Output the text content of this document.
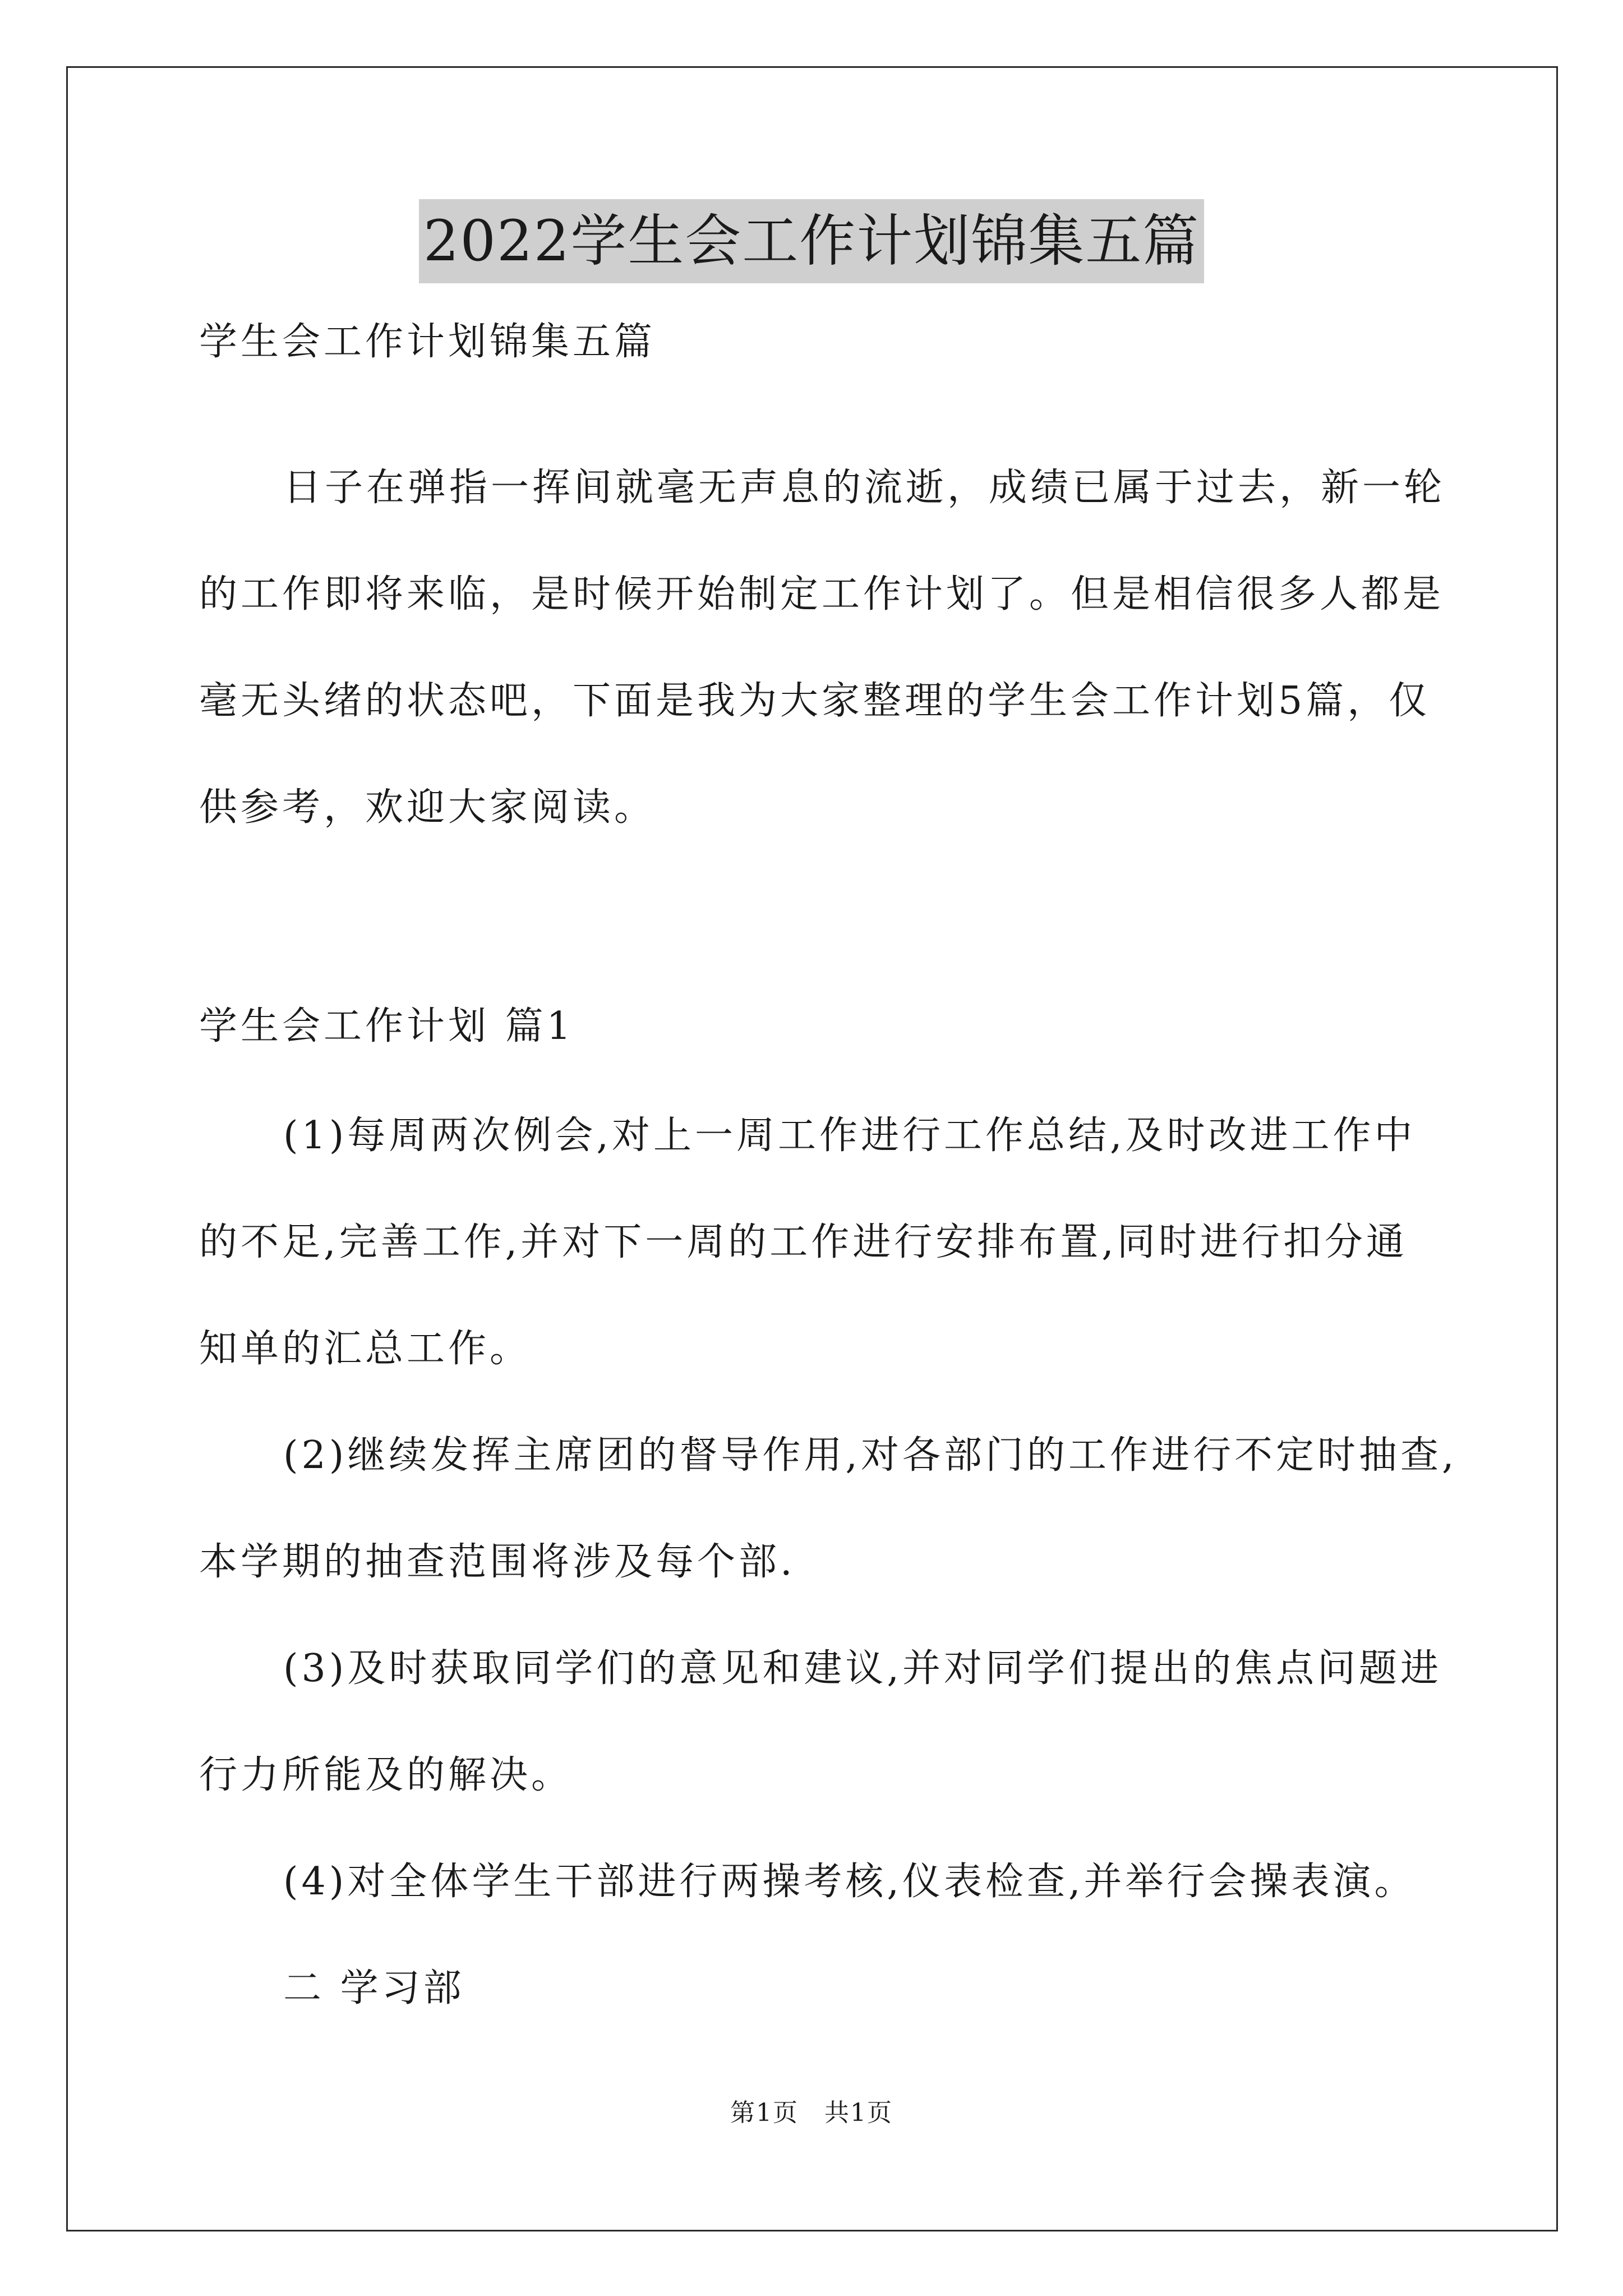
2022学生会工作计划锦集五篇
学生会工作计划锦集五篇
日子在弹指一挥间就毫无声息的流逝，成绩已属于过去，新一轮
的工作即将来临，是时候开始制定工作计划了。但是相信很多人都是
毫无头绪的状态吧，下面是我为大家整理的学生会工作计划5篇，仅
供参考，欢迎大家阅读。
学生会工作计划 篇1
(1)每周两次例会,对上一周工作进行工作总结,及时改进工作中
的不足,完善工作,并对下一周的工作进行安排布置,同时进行扣分通
知单的汇总工作。
(2)继续发挥主席团的督导作用,对各部门的工作进行不定时抽查,
本学期的抽查范围将涉及每个部.
(3)及时获取同学们的意见和建议,并对同学们提出的焦点问题进
行力所能及的解决。
(4)对全体学生干部进行两操考核,仪表检查,并举行会操表演。
二 学习部
第1页　共1页
